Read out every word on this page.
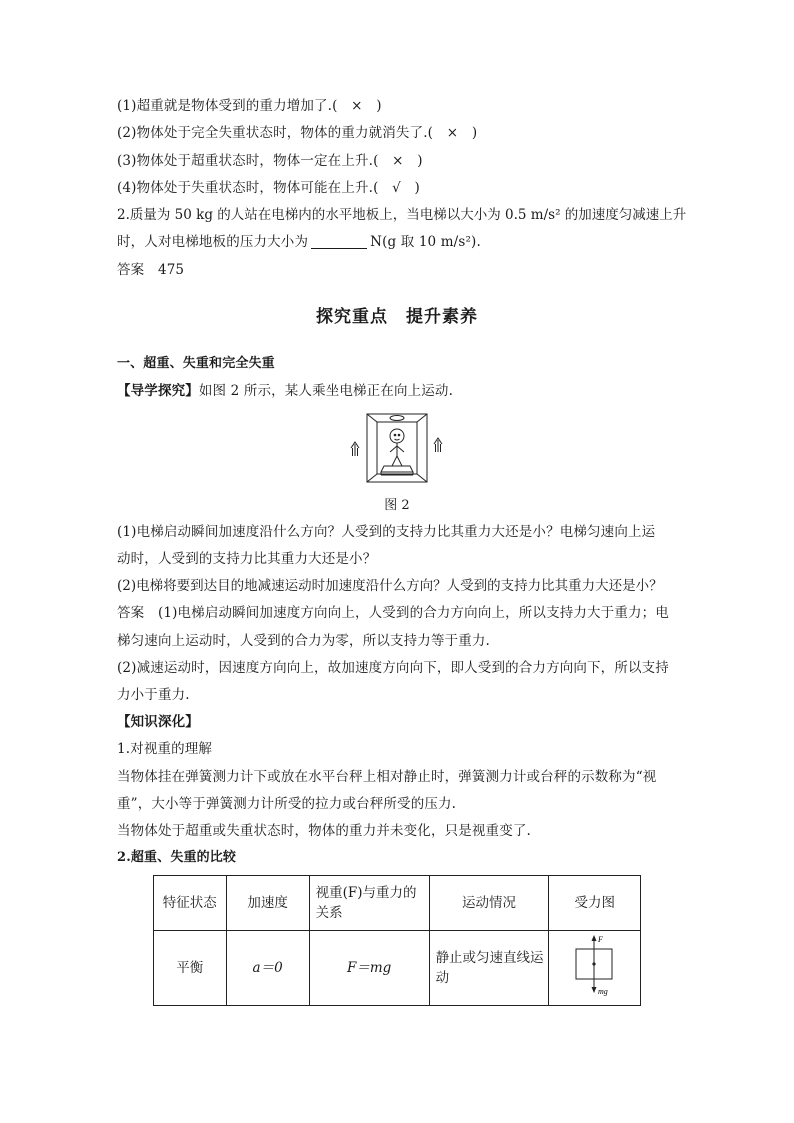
(1)超重就是物体受到的重力增加了.(　×　)
(2)物体处于完全失重状态时，物体的重力就消失了.(　×　)
(3)物体处于超重状态时，物体一定在上升.(　×　)
(4)物体处于失重状态时，物体可能在上升.(　√　)
2.质量为 50 kg 的人站在电梯内的水平地板上，当电梯以大小为 0.5 m/s² 的加速度匀减速上升
时，人对电梯地板的压力大小为	N(g 取 10 m/s²).
答案　475
探究重点　提升素养
一、超重、失重和完全失重
【导学探究】如图 2 所示，某人乘坐电梯正在向上运动.
图 2
(1)电梯启动瞬间加速度沿什么方向？人受到的支持力比其重力大还是小？电梯匀速向上运
动时，人受到的支持力比其重力大还是小？
(2)电梯将要到达目的地减速运动时加速度沿什么方向？人受到的支持力比其重力大还是小？
答案　(1)电梯启动瞬间加速度方向向上，人受到的合力方向向上，所以支持力大于重力；电
梯匀速向上运动时，人受到的合力为零，所以支持力等于重力.
(2)减速运动时，因速度方向向上，故加速度方向向下，即人受到的合力方向向下，所以支持
力小于重力.
【知识深化】
1.对视重的理解
当物体挂在弹簧测力计下或放在水平台秤上相对静止时，弹簧测力计或台秤的示数称为“视
重”，大小等于弹簧测力计所受的拉力或台秤所受的压力.
当物体处于超重或失重状态时，物体的重力并未变化，只是视重变了.
2.超重、失重的比较
特征状态	加速度	视重(F)与重力的关系	运动情况	受力图
平衡	a＝0	F＝mg	静止或匀速直线运动	F
mg
